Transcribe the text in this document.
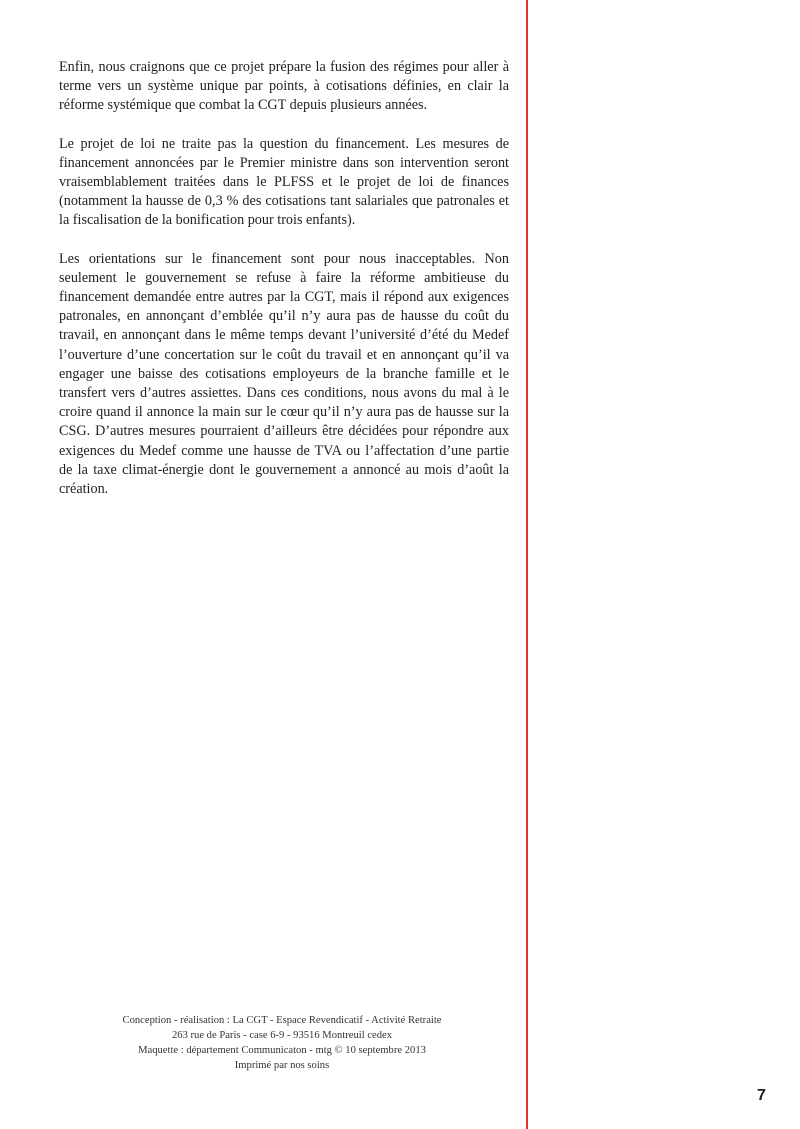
Enfin, nous craignons que ce projet prépare la fusion des régimes pour aller à terme vers un système unique par points, à cotisations définies, en clair la réforme systémique que combat la CGT depuis plusieurs années.

Le projet de loi ne traite pas la question du financement. Les mesures de financement annoncées par le Premier ministre dans son intervention seront vraisemblablement traitées dans le PLFSS et le projet de loi de finances (notamment la hausse de 0,3 % des cotisations tant salariales que patronales et la fiscalisation de la bonification pour trois enfants).

Les orientations sur le financement sont pour nous inacceptables. Non seulement le gouvernement se refuse à faire la réforme ambitieuse du financement demandée entre autres par la CGT, mais il répond aux exigences patronales, en annonçant d’emblée qu’il n’y aura pas de hausse du coût du travail, en annonçant dans le même temps devant l’université d’été du Medef l’ouverture d’une concertation sur le coût du travail et en annonçant qu’il va engager une baisse des cotisations employeurs de la branche famille et le transfert vers d’autres assiettes. Dans ces conditions, nous avons du mal à le croire quand il annonce la main sur le cœur qu’il n’y aura pas de hausse sur la CSG. D’autres mesures pourraient d’ailleurs être décidées pour répondre aux exigences du Medef comme une hausse de TVA ou l’affectation d’une partie de la taxe climat-énergie dont le gouvernement a annoncé au mois d’août la création.

Conception - réalisation : La CGT - Espace Revendicatif - Activité Retraite
263 rue de Paris - case 6-9 - 93516 Montreuil cedex
Maquette : département Communicaton - mtg © 10 septembre 2013
Imprimé par nos soins
7
